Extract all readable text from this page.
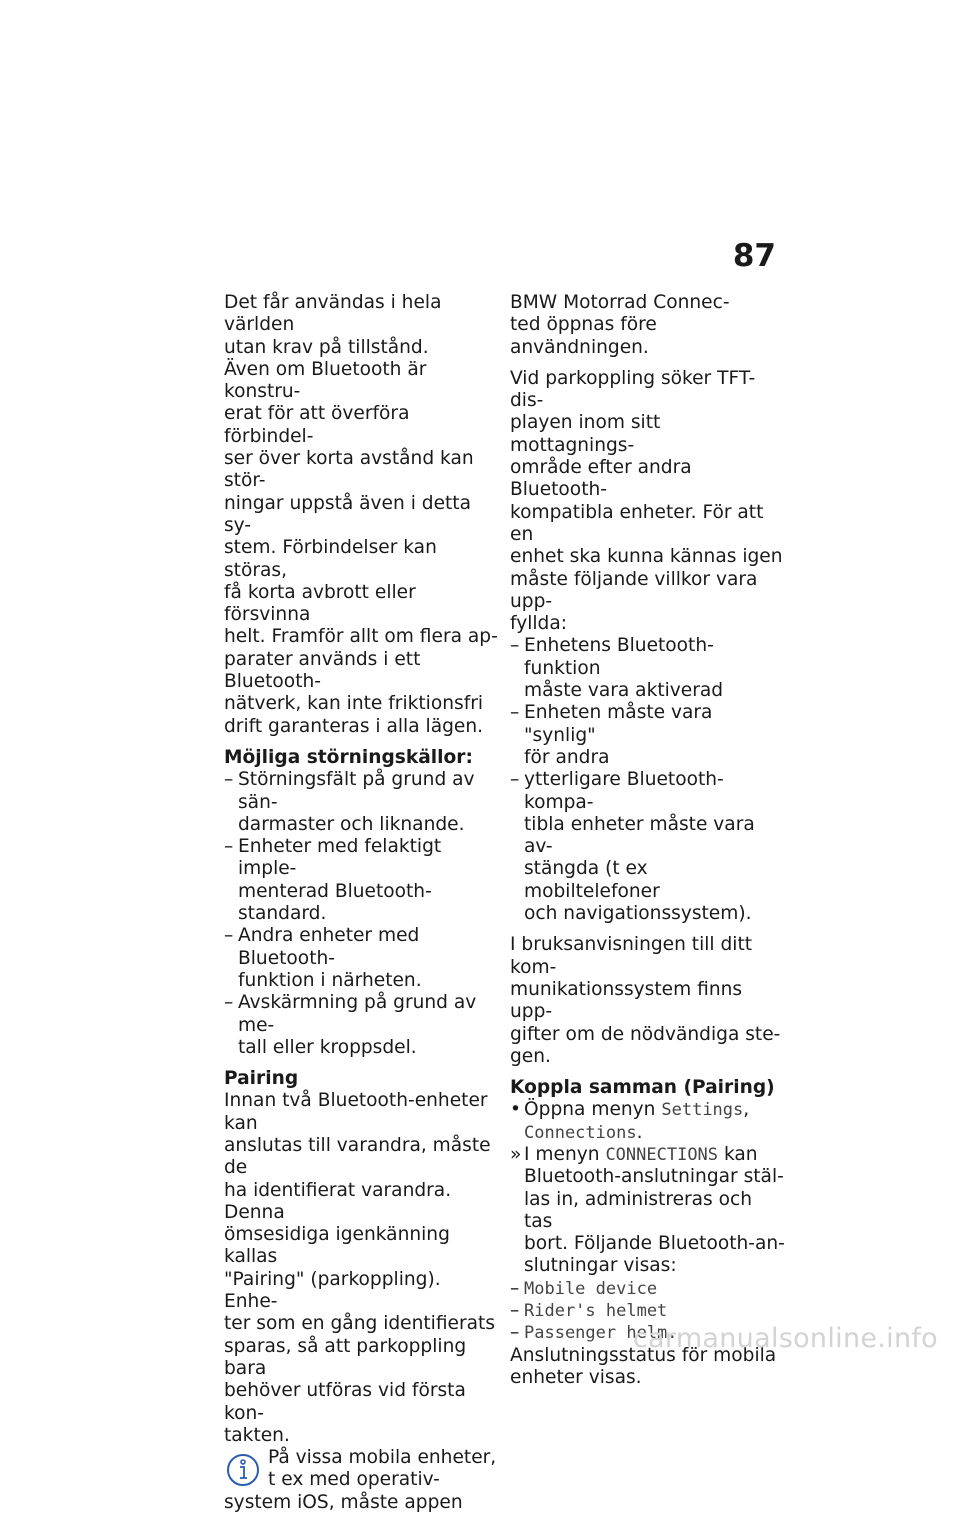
87

Det får användas i hela världen

utan krav på tillstånd.

Även om Bluetooth är konstru-

erat för att överföra förbindel-

ser över korta avstånd kan stör-

ningar uppstå även i detta sy-

stem. Förbindelser kan störas,

få korta avbrott eller försvinna

helt. Framför allt om flera ap-

parater används i ett Bluetooth-

nätverk, kan inte friktionsfri

drift garanteras i alla lägen.

Möjliga störningskällor:

– Störningsfält på grund av sän-

darmaster och liknande.

– Enheter med felaktigt imple-

menterad Bluetooth-standard.

– Andra enheter med Bluetooth-

funktion i närheten.

– Avskärmning på grund av me-

tall eller kroppsdel.

Pairing

Innan två Bluetooth-enheter kan

anslutas till varandra, måste de

ha identifierat varandra. Denna

ömsesidiga igenkänning kallas

"Pairing" (parkoppling). Enhe-

ter som en gång identifierats

sparas, så att parkoppling bara

behöver utföras vid första kon-

takten.

På vissa mobila enheter,

t ex med operativ-

system iOS, måste appen

BMW Motorrad Connec-

ted öppnas före användningen.

Vid parkoppling söker TFT-dis-

playen inom sitt mottagnings-

område efter andra Bluetooth-

kompatibla enheter. För att en

enhet ska kunna kännas igen

måste följande villkor vara upp-

fyllda:

– Enhetens Bluetooth-funktion

måste vara aktiverad

– Enheten måste vara "synlig"

för andra

– ytterligare Bluetooth-kompa-

tibla enheter måste vara av-

stängda (t ex mobiltelefoner

och navigationssystem).

I bruksanvisningen till ditt kom-

munikationssystem finns upp-

gifter om de nödvändiga ste-

gen.

Koppla samman (Pairing)

• Öppna menyn Settings,

Connections.

» I menyn CONNECTIONS kan

Bluetooth-anslutningar stäl-

las in, administreras och tas

bort. Följande Bluetooth-an-

slutningar visas:

– Mobile device

– Rider's helmet

– Passenger helm.

Anslutningsstatus för mobila

enheter visas.

carmanualsonline.info
